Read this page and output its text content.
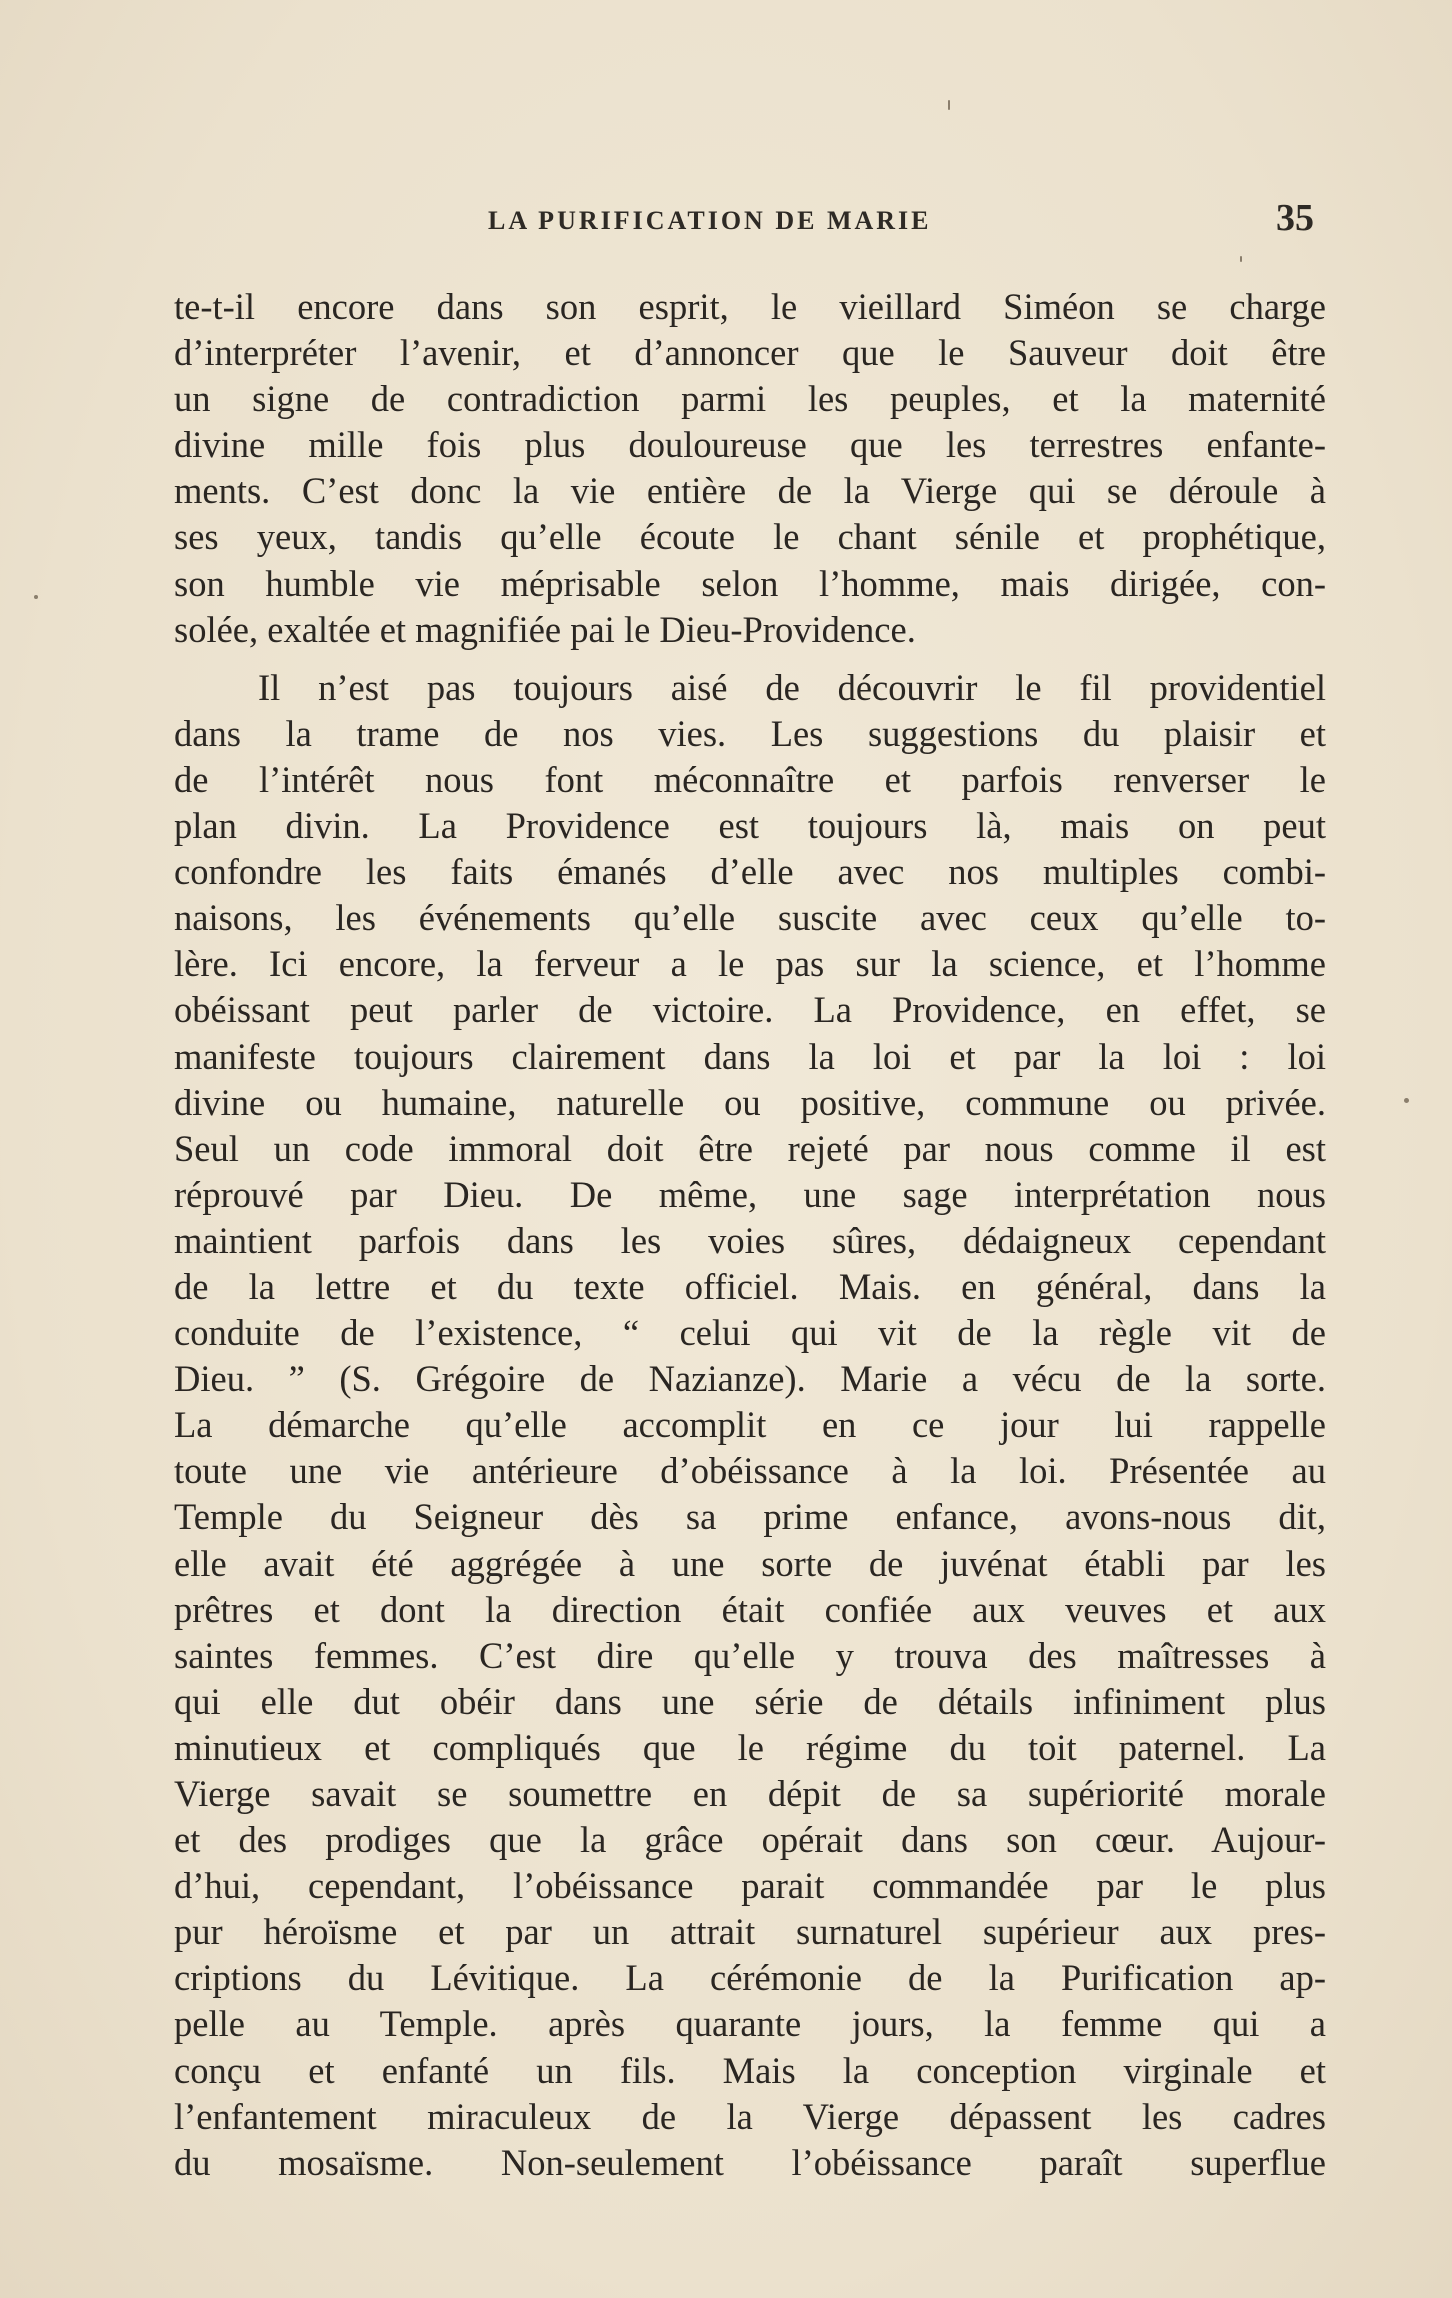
LA PURIFICATION DE MARIE	35
te-t-il encore dans son esprit, le vieillard Siméon se charge
d’interpréter l’avenir, et d’annoncer que le Sauveur doit être
un signe de contradiction parmi les peuples, et la maternité
divine mille fois plus douloureuse que les terrestres enfante-
ments. C’est donc la vie entière de la Vierge qui se déroule à
ses yeux, tandis qu’elle écoute le chant sénile et prophétique,
son humble vie méprisable selon l’homme, mais dirigée, con-
solée, exaltée et magnifiée pai le Dieu-Providence.
Il n’est pas toujours aisé de découvrir le fil providentiel
dans la trame de nos vies. Les suggestions du plaisir et
de l’intérêt nous font méconnaître et parfois renverser le
plan divin. La Providence est toujours là, mais on peut
confondre les faits émanés d’elle avec nos multiples combi-
naisons, les événements qu’elle suscite avec ceux qu’elle to-
lère. Ici encore, la ferveur a le pas sur la science, et l’homme
obéissant peut parler de victoire. La Providence, en effet, se
manifeste toujours clairement dans la loi et par la loi : loi
divine ou humaine, naturelle ou positive, commune ou privée.
Seul un code immoral doit être rejeté par nous comme il est
réprouvé par Dieu. De même, une sage interprétation nous
maintient parfois dans les voies sûres, dédaigneux cependant
de la lettre et du texte officiel. Mais. en général, dans la
conduite de l’existence, “ celui qui vit de la règle vit de
Dieu. ” (S. Grégoire de Nazianze). Marie a vécu de la sorte.
La démarche qu’elle accomplit en ce jour lui rappelle
toute une vie antérieure d’obéissance à la loi. Présentée au
Temple du Seigneur dès sa prime enfance, avons-nous dit,
elle avait été aggrégée à une sorte de juvénat établi par les
prêtres et dont la direction était confiée aux veuves et aux
saintes femmes. C’est dire qu’elle y trouva des maîtresses à
qui elle dut obéir dans une série de détails infiniment plus
minutieux et compliqués que le régime du toit paternel. La
Vierge savait se soumettre en dépit de sa supériorité morale
et des prodiges que la grâce opérait dans son cœur. Aujour-
d’hui, cependant, l’obéissance parait commandée par le plus
pur héroïsme et par un attrait surnaturel supérieur aux pres-
criptions du Lévitique. La cérémonie de la Purification ap-
pelle au Temple. après quarante jours, la femme qui a
conçu et enfanté un fils. Mais la conception virginale et
l’enfantement miraculeux de la Vierge dépassent les cadres
du mosaïsme. Non-seulement l’obéissance paraît superflue
